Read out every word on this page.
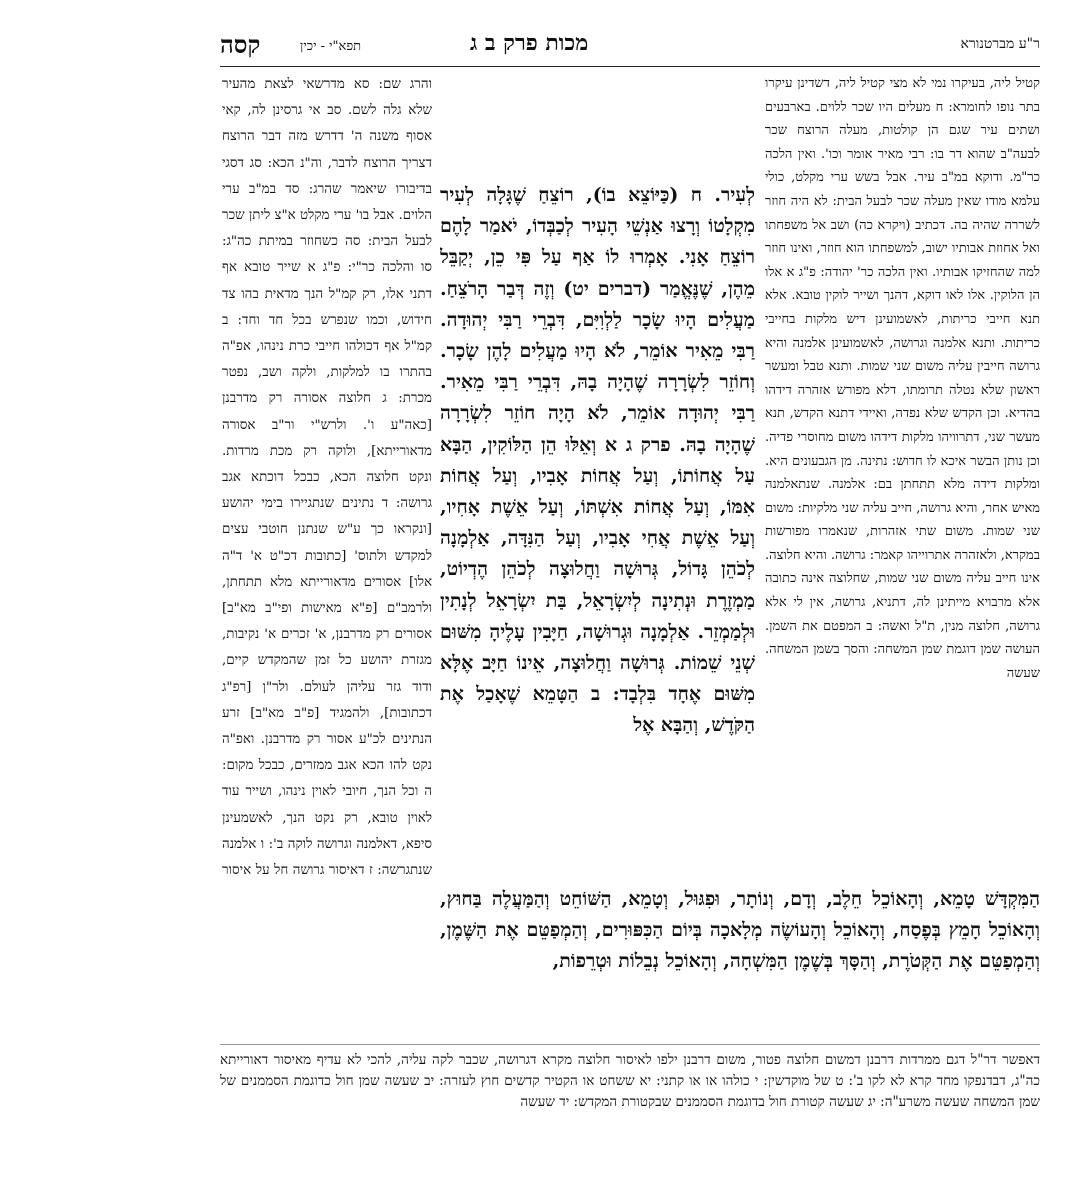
קסה	תפא"י - יכין	מכות פרק ב ג	ר"ע מברטנורא

קטיל ליה, בעיקרו נמי לא מצי קטיל ליה, דשדינן עיקרו בתר נופו לחומרא: ח מעלים היו שכר ללוים. בארבעים ושתים עיר שגם הן קולטות, מעלה הרוצח שכר לבעה"ב שהוא דר בו: רבי מאיר אומר וכו'. ואין הלכה כר"מ. ודוקא במ"ב עיר. אבל בשש ערי מקלט, כולי עלמא מודו שאין מעלה שכר לבעל הבית: לא היה חוזר לשררה שהיה בה. דכתיב (ויקרא כה) ושב אל משפחתו ואל אחוזת אבותיו ישוב, למשפחתו הוא חוזר, ואינו חוזר למה שהחזיקו אבותיו. ואין הלכה כר' יהודה: פ"ג א אלו הן הלוקין. אלו לאו דוקא, דהנך ושייר לוקין טובא. אלא תנא חייבי כריתות, לאשמועינן דיש מלקות בחייבי כריתות. ותנא אלמנה וגרושה, לאשמועינן אלמנה והיא גרושה חייבין עליה משום שני שמות. ותנא טבל ומעשר ראשון שלא נטלה תרומתו, דלא מפורש אזהרה דידהו בהדיא. וכן הקדש שלא נפדה, ואיידי דתנא הקדש, תנא מעשר שני, דתרוויהו מלקות דידהו משום מחוסרי פדיה. וכן נותן הבשר איכא לו חדוש: נתינה. מן הגבעונים היא. ומלקות דידה מלא תתחתן בם: אלמנה. שנתאלמנה מאיש אחר, והיא גרושה, חייב עליה שני מלקיות: משום שני שמות. משום שתי אזהרות, שנאמרו מפורשות במקרא, ולאזהרה אתרוייהו קאמר: גרושה. והיא חלוצה. אינו חייב עליה משום שני שמות, שחלוצה אינה כתובה אלא מרבויא מייתינן לה, דתניא, גרושה, אין לי אלא גרושה, חלוצה מנין, ת"ל ואשה: ב המפטם את השמן. העושה שמן דוגמת שמן המשחה: והסך בשמן המשחה. שעשה

לְעִיר. ח (כַּיּוֹצֵא בוֹ), רוֹצֵחַ שֶׁגָּלָה לְעִיר מִקְלָטוֹ וְרָצוּ אַנְשֵׁי הָעִיר לְכַבְּדוֹ, יֹאמַר לָהֶם רוֹצֵחַ אָנִי. אָמְרוּ לוֹ אַף עַל פִּי כֵן, יְקַבֵּל מֵהֶן, שֶׁנֶּאֱמַר (דברים יט) וְזֶה דְּבַר הָרֹצֵחַ. מַעֲלִים הָיוּ שָׂכָר לַלְוִיִּם, דִּבְרֵי רַבִּי יְהוּדָה. רַבִּי מֵאִיר אוֹמֵר, לֹא הָיוּ מַעֲלִים לָהֶן שָׂכָר. וְחוֹזֵר לִשְׂרָרָה שֶׁהָיָה בָהּ, דִּבְרֵי רַבִּי מֵאִיר. רַבִּי יְהוּדָה אוֹמֵר, לֹא הָיָה חוֹזֵר לִשְׂרָרָה שֶׁהָיָה בָהּ. פרק ג א וְאֵלּוּ הֵן הַלּוֹקִין, הַבָּא עַל אֲחוֹתוֹ, וְעַל אֲחוֹת אָבִיו, וְעַל אֲחוֹת אִמּוֹ, וְעַל אֲחוֹת אִשְׁתּוֹ, וְעַל אֵשֶׁת אָחִיו, וְעַל אֵשֶׁת אֲחִי אָבִיו, וְעַל הַנִּדָּה, אַלְמָנָה לְכֹהֵן גָּדוֹל, גְּרוּשָׁה וַחֲלוּצָה לְכֹהֵן הֶדְיוֹט, מַמְזֶרֶת וּנְתִינָה לְיִשְׂרָאֵל, בַּת יִשְׂרָאֵל לְנָתִין וּלְמַמְזֵר. אַלְמָנָה וּגְרוּשָׁה, חַיָּבִין עָלֶיהָ מִשּׁוּם שְׁנֵי שֵׁמוֹת. גְּרוּשָׁה וַחֲלוּצָה, אֵינוֹ חַיָּב אֶלָּא מִשּׁוּם אֶחָד בִּלְבָד: ב הַטָּמֵא שֶׁאָכַל אֶת הַקֹּדֶשׁ, וְהַבָּא אֶל

והרג שם: סא מדרשאי לצאת מהעיר שלא גלה לשם. סב אי גרסינן לה, קאי אסוף משנה ה' דדרש מזה דבר הרוצח דצריך הרוצח לדבר, וה"נ הכא: סג דסגי בדיבורו שיאמר שהרג: סד במ"ב ערי הלוים. אבל בו' ערי מקלט א"צ ליתן שכר לבעל הבית: סה כשחוזר במיתת כה"ג: סו והלכה כר"י: פ"ג א שייר טובא אף דתני אלו, רק קמ"ל הנך מדאית בהו צד חידוש, וכמו שנפרש בכל חד וחד: ב קמ"ל אף דכולהו חייבי כרת נינהו, אפ"ה בהתרו בו למלקות, ולקה ושב, נפטר מכרת: ג חלוצה אסורה רק מדרבנן [כאה"ע ו'. ולרש"י ור"ב אסורה מדאורייתא], ולוקה רק מכת מרדות. ונקט חלוצה הכא, כבכל דוכתא אגב גרושה: ד נתינים שנתגיירו בימי יהושע [ונקראו כך ע"ש שנתנן חוטבי עצים למקדש ולתוס' [כתובות דכ"ט א' ד"ה אלו] אסורים מדאורייתא מלא תתחתן, ולרמב"ם [פ"א מאישות ופי"ב מא"ב] אסורים רק מדרבנן, א' זכרים א' נקיבות, מגזרת יהושע כל זמן שהמקדש קיים, ודוד גזר עליהן לעולם. ולר"ן [רפ"ג דכתובות], ולהמגיד [פ"ב מא"ב] זרע הנתינים לכ"ע אסור רק מדרבנן. ואפ"ה נקט להו הכא אגב ממזרים, כבכל מקום: ה וכל הנך, חיובי לאוין נינהו, ושייר עוד לאוין טובא, רק נקט הנך, לאשמעינן סיפא, דאלמנה וגרושה לוקה ב': ו אלמנה שנתגרשה: ז דאיסור גרושה חל על איסור

הַמִּקְדָּשׁ טָמֵא, וְהָאוֹכֵל חֵלֶב, וְדָם, וְנוֹתָר, וּפִגּוּל, וְטָמֵא, הַשּׁוֹחֵט וְהַמַּעֲלֶה בַּחוּץ, וְהָאוֹכֵל חָמֵץ בְּפֶסַח, וְהָאוֹכֵל וְהָעוֹשֶׂה מְלָאכָה בְּיוֹם הַכִּפּוּרִים, וְהַמְפַטֵּם אֶת הַשֶּׁמֶן, וְהַמְפַטֵּם אֶת הַקְּטֹרֶת, וְהַסָּךְ בְּשֶׁמֶן הַמִּשְׁחָה, וְהָאוֹכֵל נְבֵלוֹת וּטְרֵפוֹת,

דאפשר דר"ל דגם ממרדות דרבנן דמשום חלוצה פטור, משום דרבנן ילפו לאיסור חלוצה מקרא דגרושה, שכבר לקה עליה, להכי לא עדיף מאיסור דאורייתא כה"ג, דבדנפקו מחד קרא לא לקו ב': ט של מוקדשין: י כולהו או או קתני: יא ששחט או הקטיר קדשים חוץ לעזרה: יב שעשה שמן חול כדוגמת הסממנים של שמן המשחה שעשה משרע"ה: יג שעשה קטורת חול בדוגמת הסממנים שבקטורת המקדש: יד שעשה
